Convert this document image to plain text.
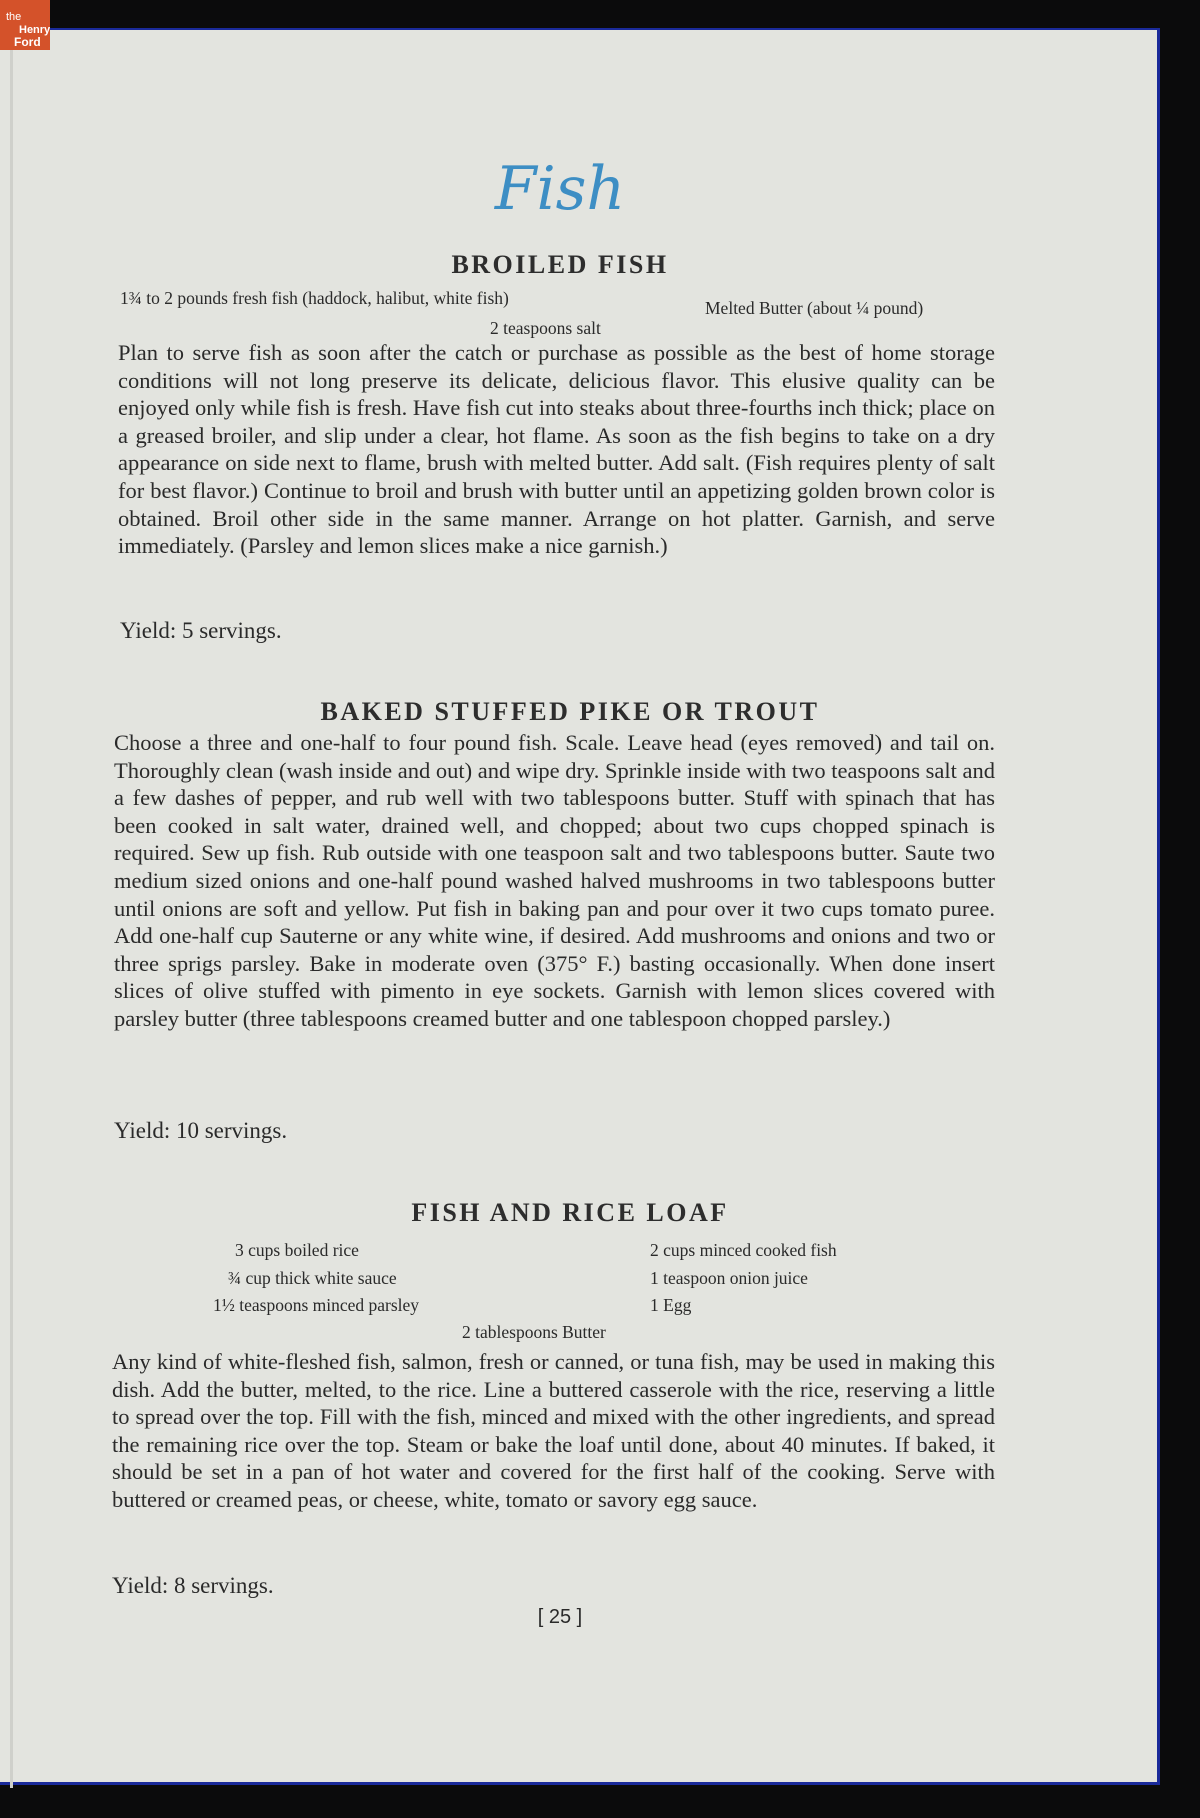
the
Henry
Ford
Fish
BROILED FISH
1¾ to 2 pounds fresh fish (haddock, halibut, white fish)	Melted Butter (about ¼ pound)
2 teaspoons salt

Plan to serve fish as soon after the catch or purchase as possible as the best of home storage conditions will not long preserve its delicate, delicious flavor. This elusive quality can be enjoyed only while fish is fresh. Have fish cut into steaks about three-fourths inch thick; place on a greased broiler, and slip under a clear, hot flame. As soon as the fish begins to take on a dry appearance on side next to flame, brush with melted butter. Add salt. (Fish requires plenty of salt for best flavor.) Continue to broil and brush with butter until an appetizing golden brown color is obtained. Broil other side in the same manner. Arrange on hot platter. Garnish, and serve immediately. (Parsley and lemon slices make a nice garnish.)

Yield: 5 servings.
BAKED STUFFED PIKE OR TROUT

Choose a three and one-half to four pound fish. Scale. Leave head (eyes removed) and tail on. Thoroughly clean (wash inside and out) and wipe dry. Sprinkle inside with two teaspoons salt and a few dashes of pepper, and rub well with two tablespoons butter. Stuff with spinach that has been cooked in salt water, drained well, and chopped; about two cups chopped spinach is required. Sew up fish. Rub outside with one teaspoon salt and two tablespoons butter. Saute two medium sized onions and one-half pound washed halved mushrooms in two tablespoons butter until onions are soft and yellow. Put fish in baking pan and pour over it two cups tomato puree. Add one-half cup Sauterne or any white wine, if desired. Add mushrooms and onions and two or three sprigs parsley. Bake in moderate oven (375° F.) basting occasionally. When done insert slices of olive stuffed with pimento in eye sockets. Garnish with lemon slices covered with parsley butter (three tablespoons creamed butter and one tablespoon chopped parsley.)

Yield: 10 servings.
FISH AND RICE LOAF
3 cups boiled rice
¾ cup thick white sauce
1½ teaspoons minced parsley
2 cups minced cooked fish
1 teaspoon onion juice
1 Egg
2 tablespoons Butter

Any kind of white-fleshed fish, salmon, fresh or canned, or tuna fish, may be used in making this dish. Add the butter, melted, to the rice. Line a buttered casserole with the rice, reserving a little to spread over the top. Fill with the fish, minced and mixed with the other ingredients, and spread the remaining rice over the top. Steam or bake the loaf until done, about 40 minutes. If baked, it should be set in a pan of hot water and covered for the first half of the cooking. Serve with buttered or creamed peas, or cheese, white, tomato or savory egg sauce.

Yield: 8 servings.
[ 25 ]
